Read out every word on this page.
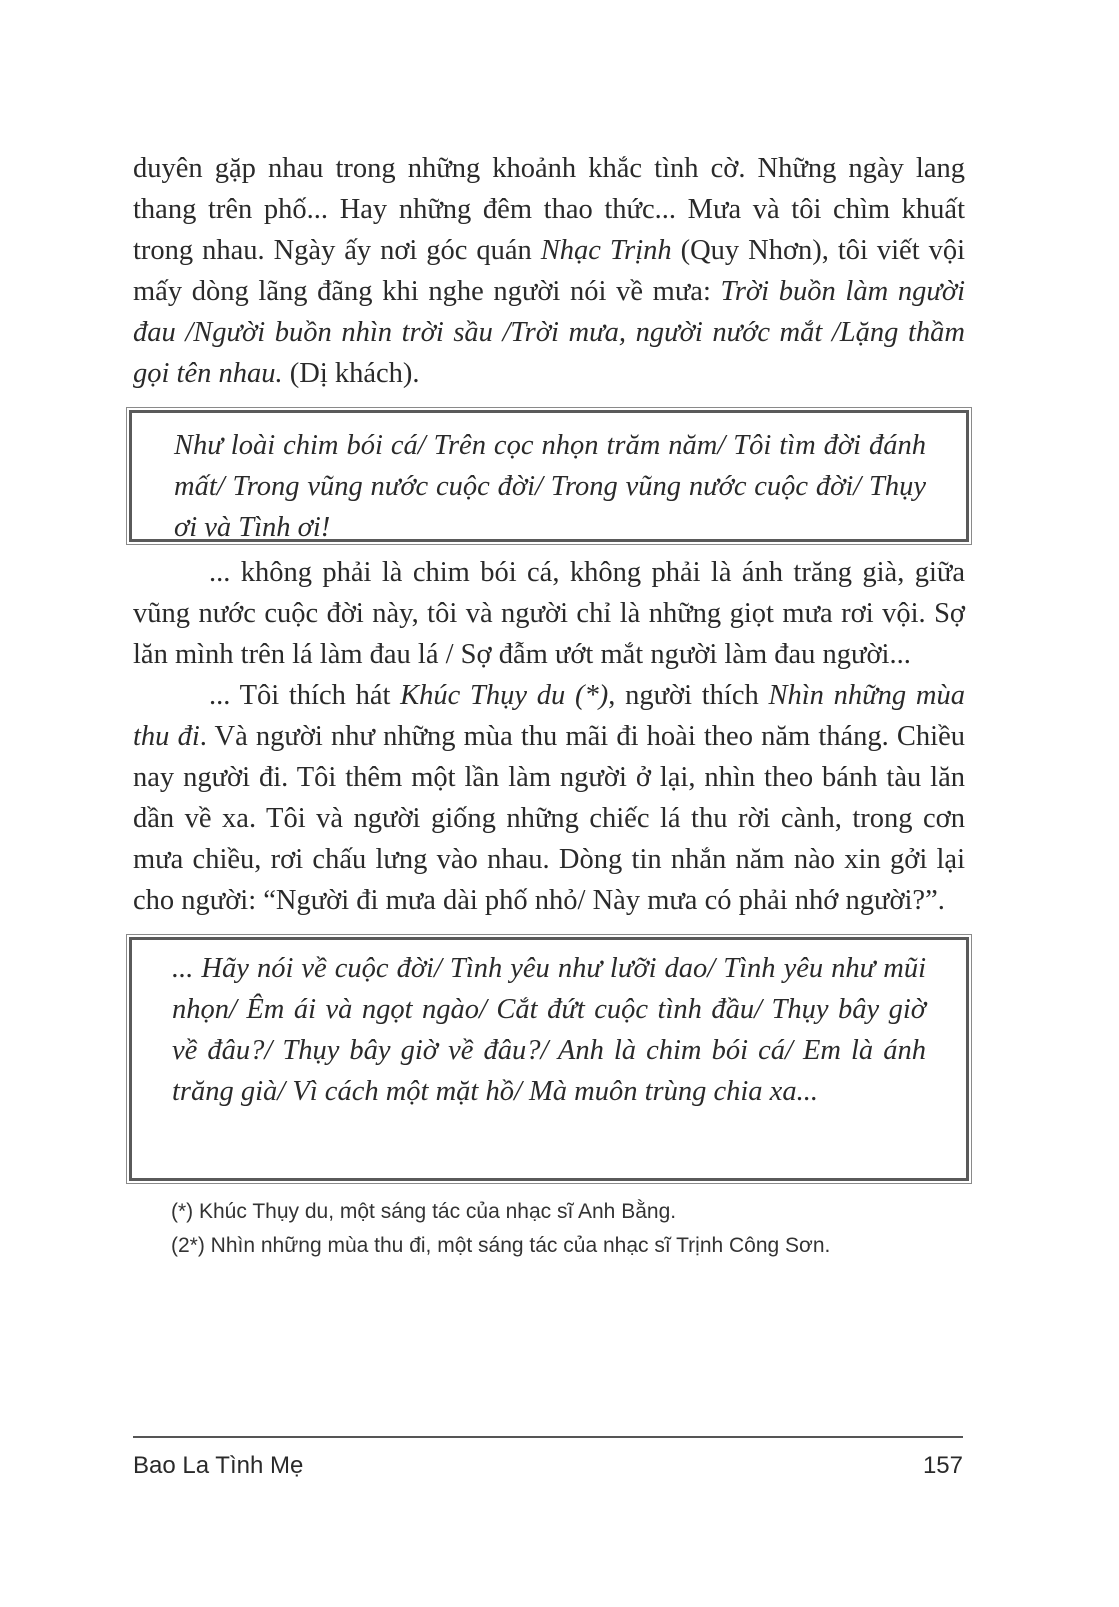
duyên gặp nhau trong những khoảnh khắc tình cờ. Những ngày lang thang trên phố... Hay những đêm thao thức... Mưa và tôi chìm khuất trong nhau. Ngày ấy nơi góc quán Nhạc Trịnh (Quy Nhơn), tôi viết vội mấy dòng lãng đãng khi nghe người nói về mưa: Trời buồn làm người đau /Người buồn nhìn trời sầu /Trời mưa, người nước mắt /Lặng thầm gọi tên nhau. (Dị khách).

Như loài chim bói cá/ Trên cọc nhọn trăm năm/ Tôi tìm đời đánh mất/ Trong vũng nước cuộc đời/ Trong vũng nước cuộc đời/ Thụy ơi và Tình ơi!

... không phải là chim bói cá, không phải là ánh trăng già, giữa vũng nước cuộc đời này, tôi và người chỉ là những giọt mưa rơi vội. Sợ lăn mình trên lá làm đau lá / Sợ đẫm ướt mắt người làm đau người...

... Tôi thích hát Khúc Thụy du (*), người thích Nhìn những mùa thu đi. Và người như những mùa thu mãi đi hoài theo năm tháng. Chiều nay người đi. Tôi thêm một lần làm người ở lại, nhìn theo bánh tàu lăn dần về xa. Tôi và người giống những chiếc lá thu rời cành, trong cơn mưa chiều, rơi chấu lưng vào nhau. Dòng tin nhắn năm nào xin gởi lại cho người: “Người đi mưa dài phố nhỏ/ Này mưa có phải nhớ người?”.

... Hãy nói về cuộc đời/ Tình yêu như lưỡi dao/ Tình yêu như mũi nhọn/ Êm ái và ngọt ngào/ Cắt đứt cuộc tình đầu/ Thụy bây giờ về đâu?/ Thụy bây giờ về đâu?/ Anh là chim bói cá/ Em là ánh trăng già/ Vì cách một mặt hồ/ Mà muôn trùng chia xa...

(*) Khúc Thụy du, một sáng tác của nhạc sĩ Anh Bằng.
(2*) Nhìn những mùa thu đi, một sáng tác của nhạc sĩ Trịnh Công Sơn.
Bao La Tình Mẹ	157
